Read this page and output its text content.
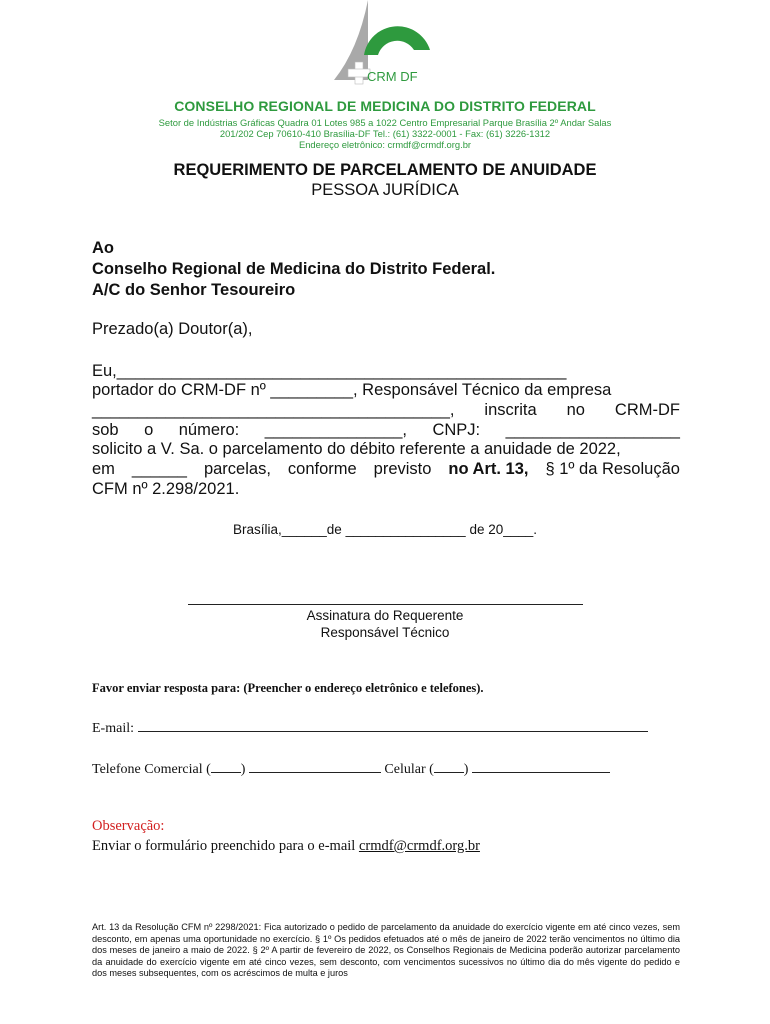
CRM DF
CONSELHO REGIONAL DE MEDICINA DO DISTRITO FEDERAL
Setor de Indústrias Gráficas Quadra 01 Lotes 985 a 1022 Centro Empresarial Parque Brasília 2º Andar Salas
201/202 Cep 70610-410 Brasília-DF Tel.: (61) 3322-0001 - Fax: (61) 3226-1312
Endereço eletrônico: crmdf@crmdf.org.br
REQUERIMENTO DE PARCELAMENTO DE ANUIDADE
PESSOA JURÍDICA
Ao
Conselho Regional de Medicina do Distrito Federal.
A/C do Senhor Tesoureiro
Prezado(a) Doutor(a),
Eu,_________________________________________________
portador do CRM-DF nº _________, Responsável Técnico da empresa
_______________________________________, inscrita no CRM-DF
sob o número: _______________, CNPJ: ___________________
solicito a V. Sa. o parcelamento do débito referente a anuidade de 2022,
em ______ parcelas, conforme previsto no Art. 13, § 1º da Resolução
CFM nº 2.298/2021.
Brasília,______de ________________ de 20____.
Assinatura do Requerente
Responsável Técnico
Favor enviar resposta para: (Preencher o endereço eletrônico e telefones).
E-mail:
Telefone Comercial ( )	Celular ( )
Observação:
Enviar o formulário preenchido para o e-mail crmdf@crmdf.org.br
Art. 13 da Resolução CFM nº 2298/2021: Fica autorizado o pedido de parcelamento da anuidade do exercício vigente em até cinco vezes, sem desconto, em apenas uma oportunidade no exercício. § 1º Os pedidos efetuados até o mês de janeiro de 2022 terão vencimentos no último dia dos meses de janeiro a maio de 2022. § 2º A partir de fevereiro de 2022, os Conselhos Regionais de Medicina poderão autorizar parcelamento da anuidade do exercício vigente em até cinco vezes, sem desconto, com vencimentos sucessivos no último dia do mês vigente do pedido e dos meses subsequentes, com os acréscimos de multa e juros
